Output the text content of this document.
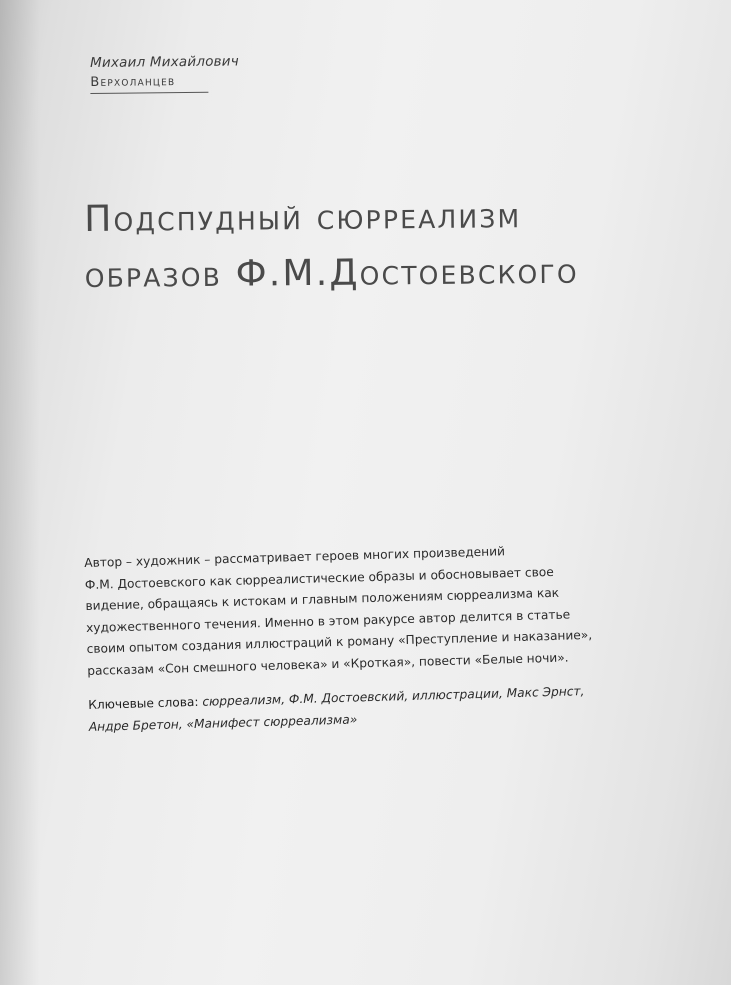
Михаил Михайлович

Верхоланцев

Подспудный сюрреализм

образов Ф.М.Достоевского

Автор – художник – рассматривает героев многих произведений

Ф.М. Достоевского как сюрреалистические образы и обосновывает свое

видение, обращаясь к истокам и главным положениям сюрреализма как

художественного течения. Именно в этом ракурсе автор делится в статье

своим опытом создания иллюстраций к роману «Преступление и наказание»,

рассказам «Сон смешного человека» и «Кроткая», повести «Белые ночи».

Ключевые слова: сюрреализм, Ф.М. Достоевский, иллюстрации, Макс Эрнст,

Андре Бретон, «Манифест сюрреализма»
